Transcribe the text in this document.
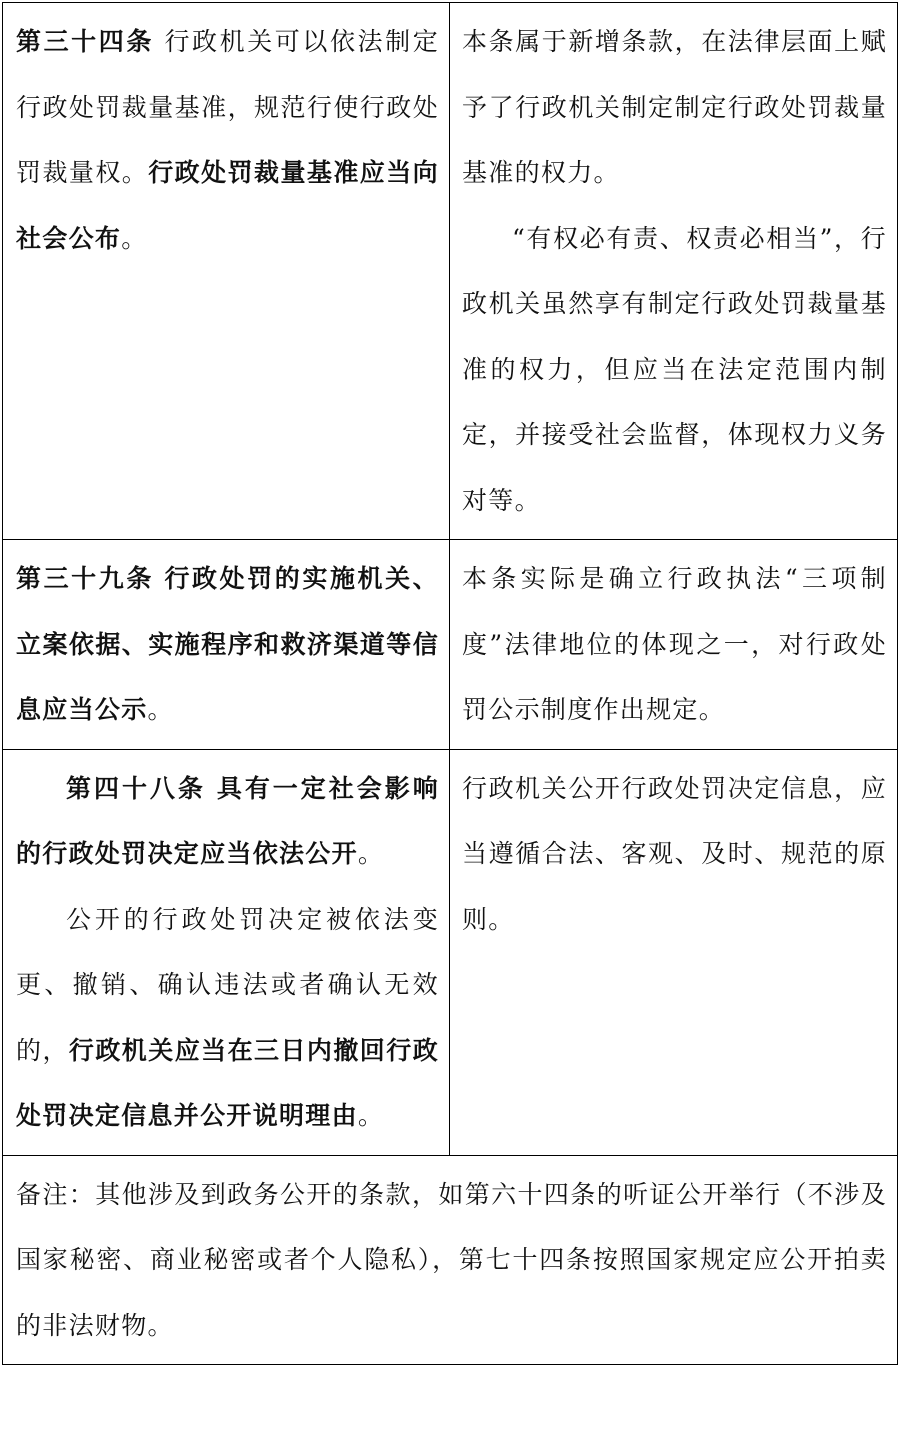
第三十四条 行政机关可以依法制定行政处罚裁量基准，规范行使行政处罚裁量权。行政处罚裁量基准应当向社会公布。	本条属于新增条款，在法律层面上赋予了行政机关制定制定行政处罚裁量基准的权力。

“有权必有责、权责必相当”，行政机关虽然享有制定行政处罚裁量基准的权力，但应当在法定范围内制定，并接受社会监督，体现权力义务对等。

第三十九条 行政处罚的实施机关、立案依据、实施程序和救济渠道等信息应当公示。	本条实际是确立行政执法“三项制度”法律地位的体现之一，对行政处罚公示制度作出规定。

第四十八条 具有一定社会影响的行政处罚决定应当依法公开。

公开的行政处罚决定被依法变更、撤销、确认违法或者确认无效的，行政机关应当在三日内撤回行政处罚决定信息并公开说明理由。	行政机关公开行政处罚决定信息，应当遵循合法、客观、及时、规范的原则。

备注：其他涉及到政务公开的条款，如第六十四条的听证公开举行（不涉及国家秘密、商业秘密或者个人隐私），第七十四条按照国家规定应公开拍卖的非法财物。	
